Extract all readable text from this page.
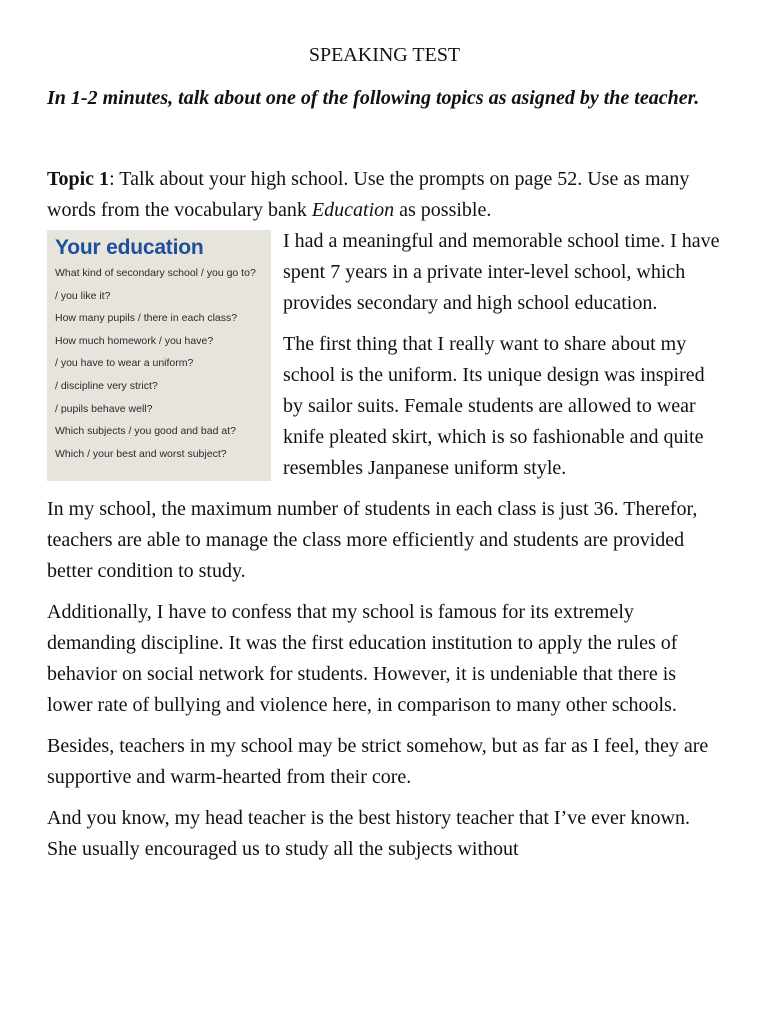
SPEAKING TEST

In 1-2 minutes, talk about one of the following topics as asigned by the teacher.

Topic 1: Talk about your high school. Use the prompts on page 52. Use as many words from the vocabulary bank Education as possible.

Your education
What kind of secondary school / you go to?
/ you like it?
How many pupils / there in each class?
How much homework / you have?
/ you have to wear a uniform?
/ discipline very strict?
/ pupils behave well?
Which subjects / you good and bad at?
Which / your best and worst subject?

I had a meaningful and memorable school time. I have spent 7 years in a private inter-level school, which provides secondary and high school education.

The first thing that I really want to share about my school is the uniform. Its unique design was inspired by sailor suits. Female students are allowed to wear knife pleated skirt, which is so fashionable and quite resembles Janpanese uniform style.

In my school, the maximum number of students in each class is just 36. Therefor, teachers are able to manage the class more efficiently and students are provided better condition to study.

Additionally, I have to confess that my school is famous for its extremely demanding discipline. It was the first education institution to apply the rules of behavior on social network for students. However, it is undeniable that there is lower rate of bullying and violence here, in comparison to many other schools.

Besides, teachers in my school may be strict somehow, but as far as I feel, they are supportive and warm-hearted from their core.

And you know, my head teacher is the best history teacher that I’ve ever known. She usually encouraged us to study all the subjects without
